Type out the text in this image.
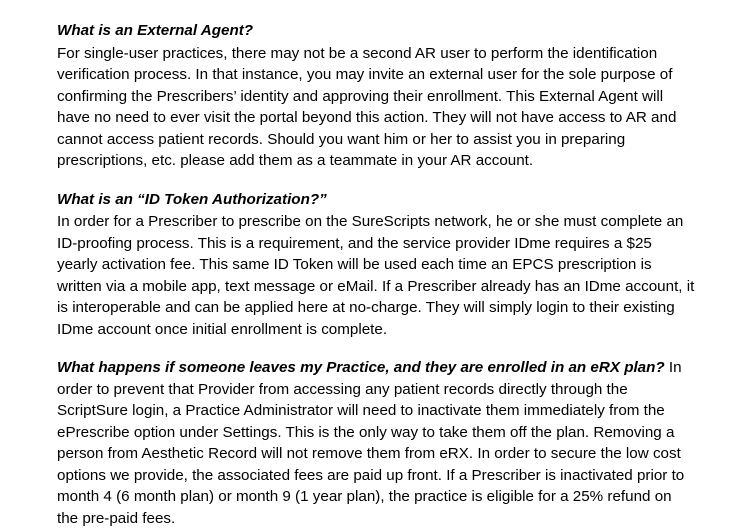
What is an External Agent?

For single-user practices, there may not be a second AR user to perform the identification verification process. In that instance, you may invite an external user for the sole purpose of confirming the Prescribers’ identity and approving their enrollment. This External Agent will have no need to ever visit the portal beyond this action. They will not have access to AR and cannot access patient records. Should you want him or her to assist you in preparing prescriptions, etc. please add them as a teammate in your AR account.

What is an “ID Token Authorization?”

In order for a Prescriber to prescribe on the SureScripts network, he or she must complete an ID-proofing process. This is a requirement, and the service provider IDme requires a $25 yearly activation fee. This same ID Token will be used each time an EPCS prescription is written via a mobile app, text message or eMail. If a Prescriber already has an IDme account, it is interoperable and can be applied here at no-charge. They will simply login to their existing IDme account once initial enrollment is complete.

What happens if someone leaves my Practice, and they are enrolled in an eRX plan? In order to prevent that Provider from accessing any patient records directly through the ScriptSure login, a Practice Administrator will need to inactivate them immediately from the ePrescribe option under Settings. This is the only way to take them off the plan. Removing a person from Aesthetic Record will not remove them from eRX. In order to secure the low cost options we provide, the associated fees are paid up front. If a Prescriber is inactivated prior to month 4 (6 month plan) or month 9 (1 year plan), the practice is eligible for a 25% refund on the pre-paid fees.
